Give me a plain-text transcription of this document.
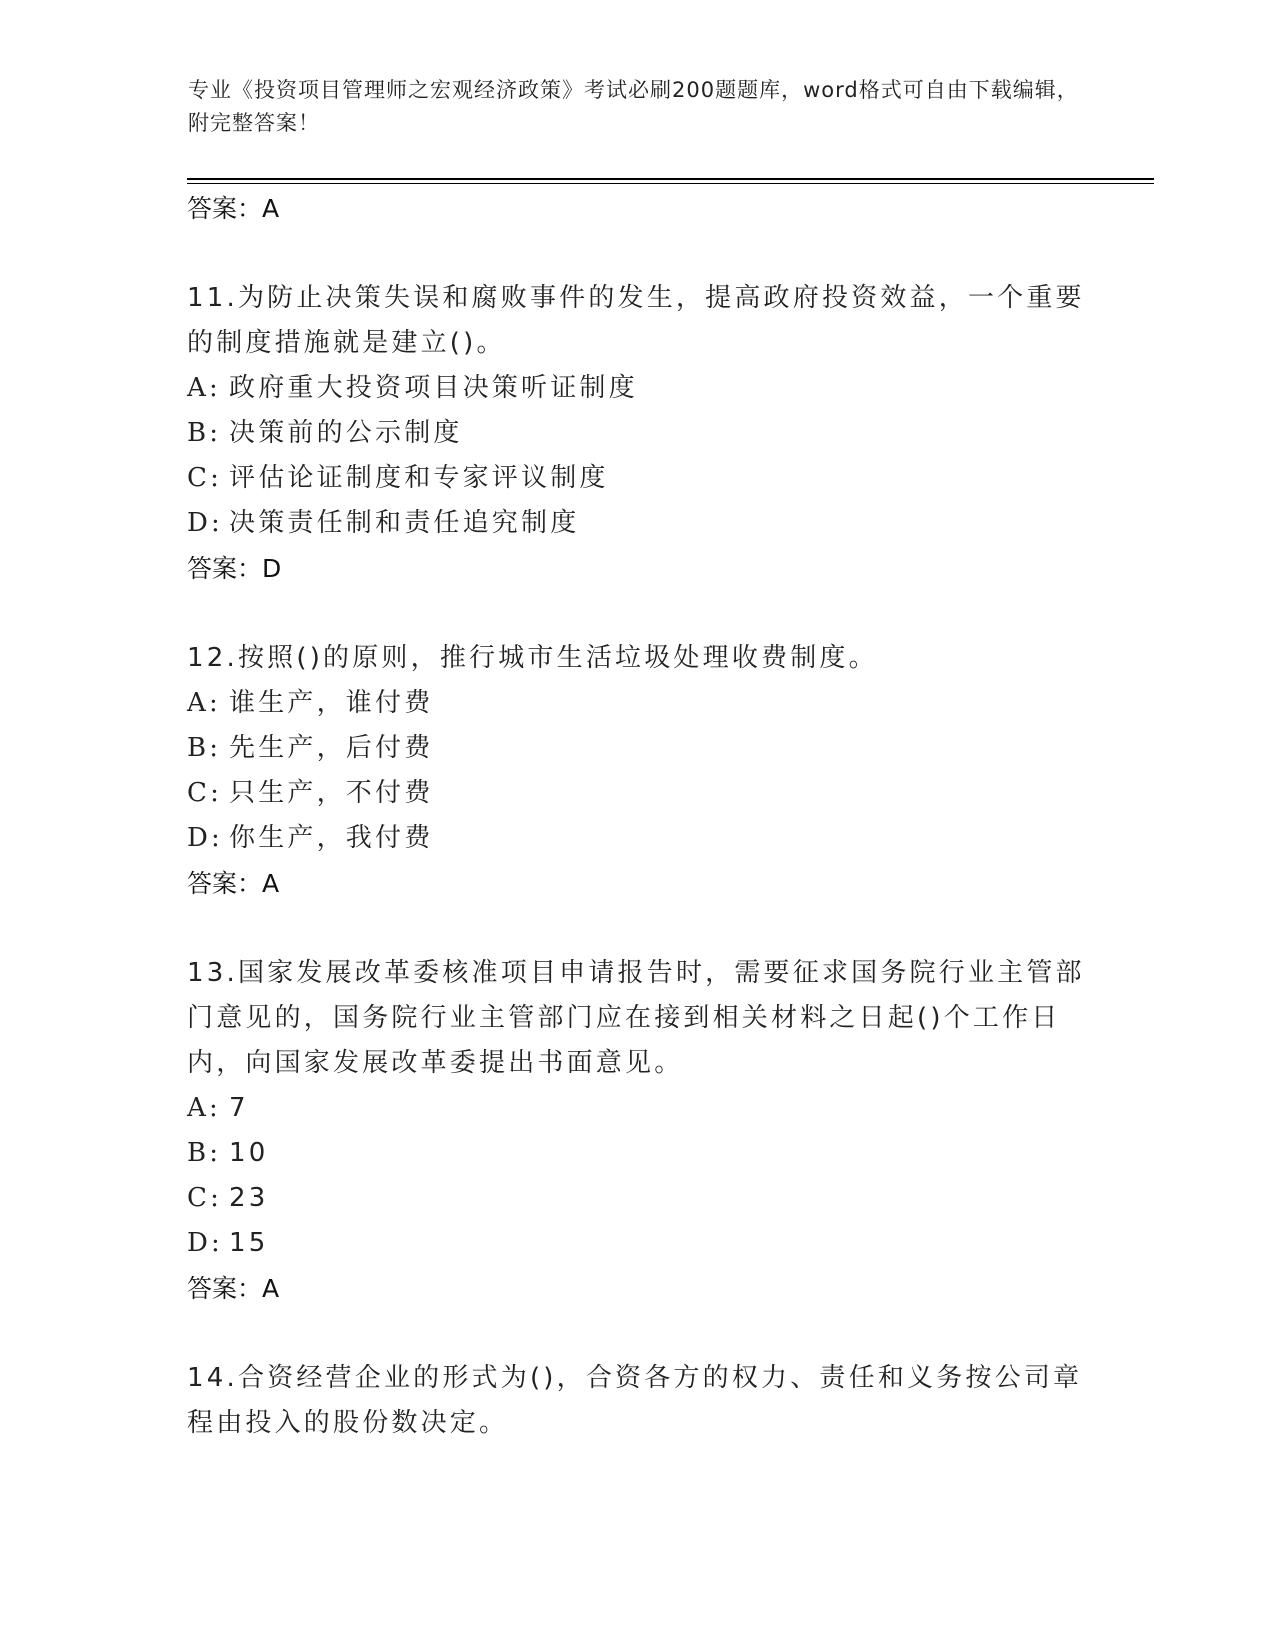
专业《投资项目管理师之宏观经济政策》考试必刷200题题库，word格式可自由下载编辑，附完整答案！
答案：A

11.为防止决策失误和腐败事件的发生，提高政府投资效益，一个重要的制度措施就是建立()。

A: 政府重大投资项目决策听证制度
B: 决策前的公示制度
C: 评估论证制度和专家评议制度
D: 决策责任制和责任追究制度
答案：D

12.按照()的原则，推行城市生活垃圾处理收费制度。

A: 谁生产，谁付费
B: 先生产，后付费
C: 只生产，不付费
D: 你生产，我付费
答案：A

13.国家发展改革委核准项目申请报告时，需要征求国务院行业主管部门意见的，国务院行业主管部门应在接到相关材料之日起()个工作日内，向国家发展改革委提出书面意见。

A: 7
B: 10
C: 23
D: 15
答案：A

14.合资经营企业的形式为()，合资各方的权力、责任和义务按公司章程由投入的股份数决定。
